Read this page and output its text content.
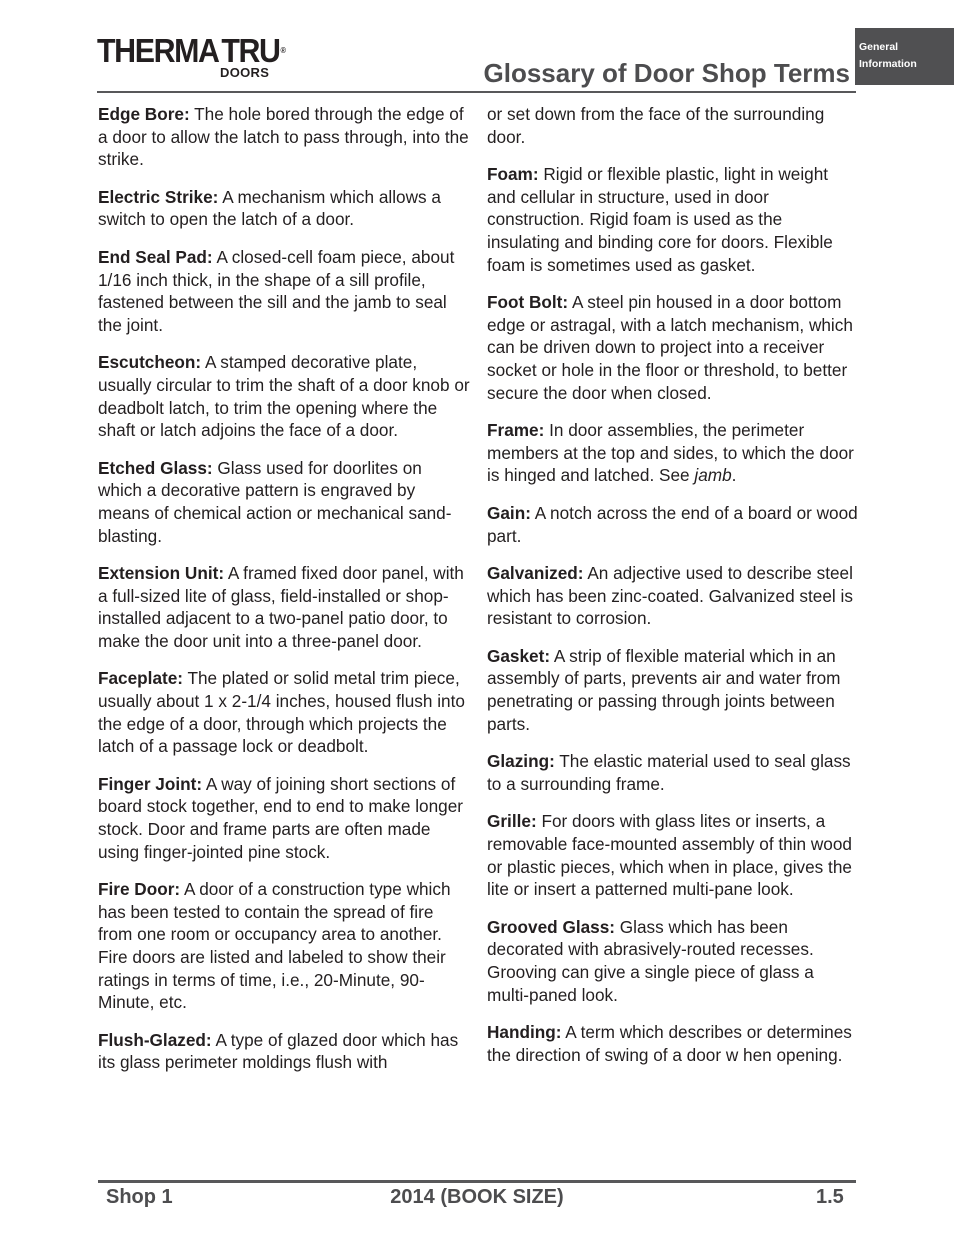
THERMA TRU ®
DOORS	Glossary of Door Shop Terms
General
Information
Edge Bore: The hole bored through the edge of a door to allow the latch to pass through, into the strike.
Electric Strike: A mechanism which allows a switch to open the latch of a door.
End Seal Pad: A closed-cell foam piece, about 1/16 inch thick, in the shape of a sill profile, fastened between the sill and the jamb to seal the joint.
Escutcheon: A stamped decorative plate, usually circular to trim the shaft of a door knob or deadbolt latch, to trim the opening where the shaft or latch adjoins the face of a door.
Etched Glass: Glass used for doorlites on which a decorative pattern is engraved by means of chemical action or mechanical sand-blasting.
Extension Unit: A framed fixed door panel, with a full-sized lite of glass, field-installed or shop-installed adjacent to a two-panel patio door, to make the door unit into a three-panel door.
Faceplate: The plated or solid metal trim piece, usually about 1 x 2-1/4 inches, housed flush into the edge of a door, through which projects the latch of a passage lock or deadbolt.
Finger Joint: A way of joining short sections of board stock together, end to end to make longer stock. Door and frame parts are often made using finger-jointed pine stock.
Fire Door: A door of a construction type which has been tested to contain the spread of fire from one room or occupancy area to another. Fire doors are listed and labeled to show their ratings in terms of time, i.e., 20-Minute, 90-Minute, etc.
Flush-Glazed: A type of glazed door which has its glass perimeter moldings flush with
or set down from the face of the surrounding door.
Foam: Rigid or flexible plastic, light in weight and cellular in structure, used in door construction. Rigid foam is used as the insulating and binding core for doors. Flexible foam is sometimes used as gasket.
Foot Bolt: A steel pin housed in a door bottom edge or astragal, with a latch mechanism, which can be driven down to project into a receiver socket or hole in the floor or threshold, to better secure the door when closed.
Frame: In door assemblies, the perimeter members at the top and sides, to which the door is hinged and latched. See jamb.
Gain: A notch across the end of a board or wood part.
Galvanized: An adjective used to describe steel which has been zinc-coated. Galvanized steel is resistant to corrosion.
Gasket: A strip of flexible material which in an assembly of parts, prevents air and water from penetrating or passing through joints between parts.
Glazing: The elastic material used to seal glass to a surrounding frame.
Grille: For doors with glass lites or inserts, a removable face-mounted assembly of thin wood or plastic pieces, which when in place, gives the lite or insert a patterned multi-pane look.
Grooved Glass: Glass which has been decorated with abrasively-routed recesses. Grooving can give a single piece of glass a multi-paned look.
Handing: A term which describes or determines the direction of swing of a door w hen opening.
2014 (BOOK SIZE)
Shop 1	1.5
